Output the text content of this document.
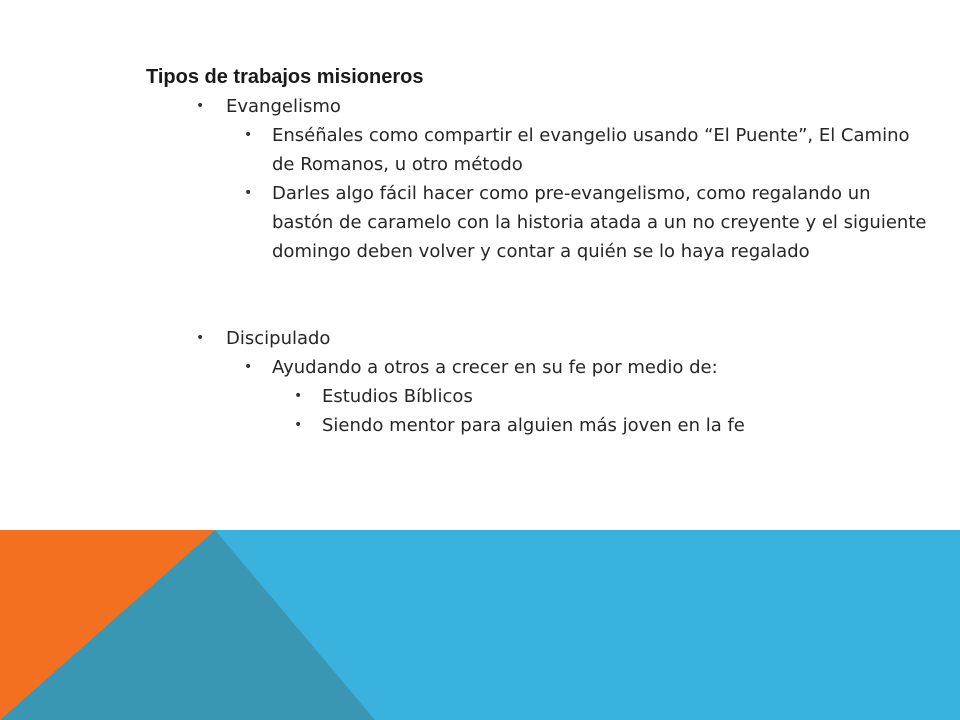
Tipos de trabajos misioneros
• Evangelismo
• Enséñales como compartir el evangelio usando “El Puente”, El Camino de Romanos, u otro método
• Darles algo fácil hacer como pre-evangelismo, como regalando un bastón de caramelo con la historia atada a un no creyente y el siguiente domingo deben volver y contar a quién se lo haya regalado
• Discipulado
• Ayudando a otros a crecer en su fe por medio de:
• Estudios Bíblicos
• Siendo mentor para alguien más joven en la fe
